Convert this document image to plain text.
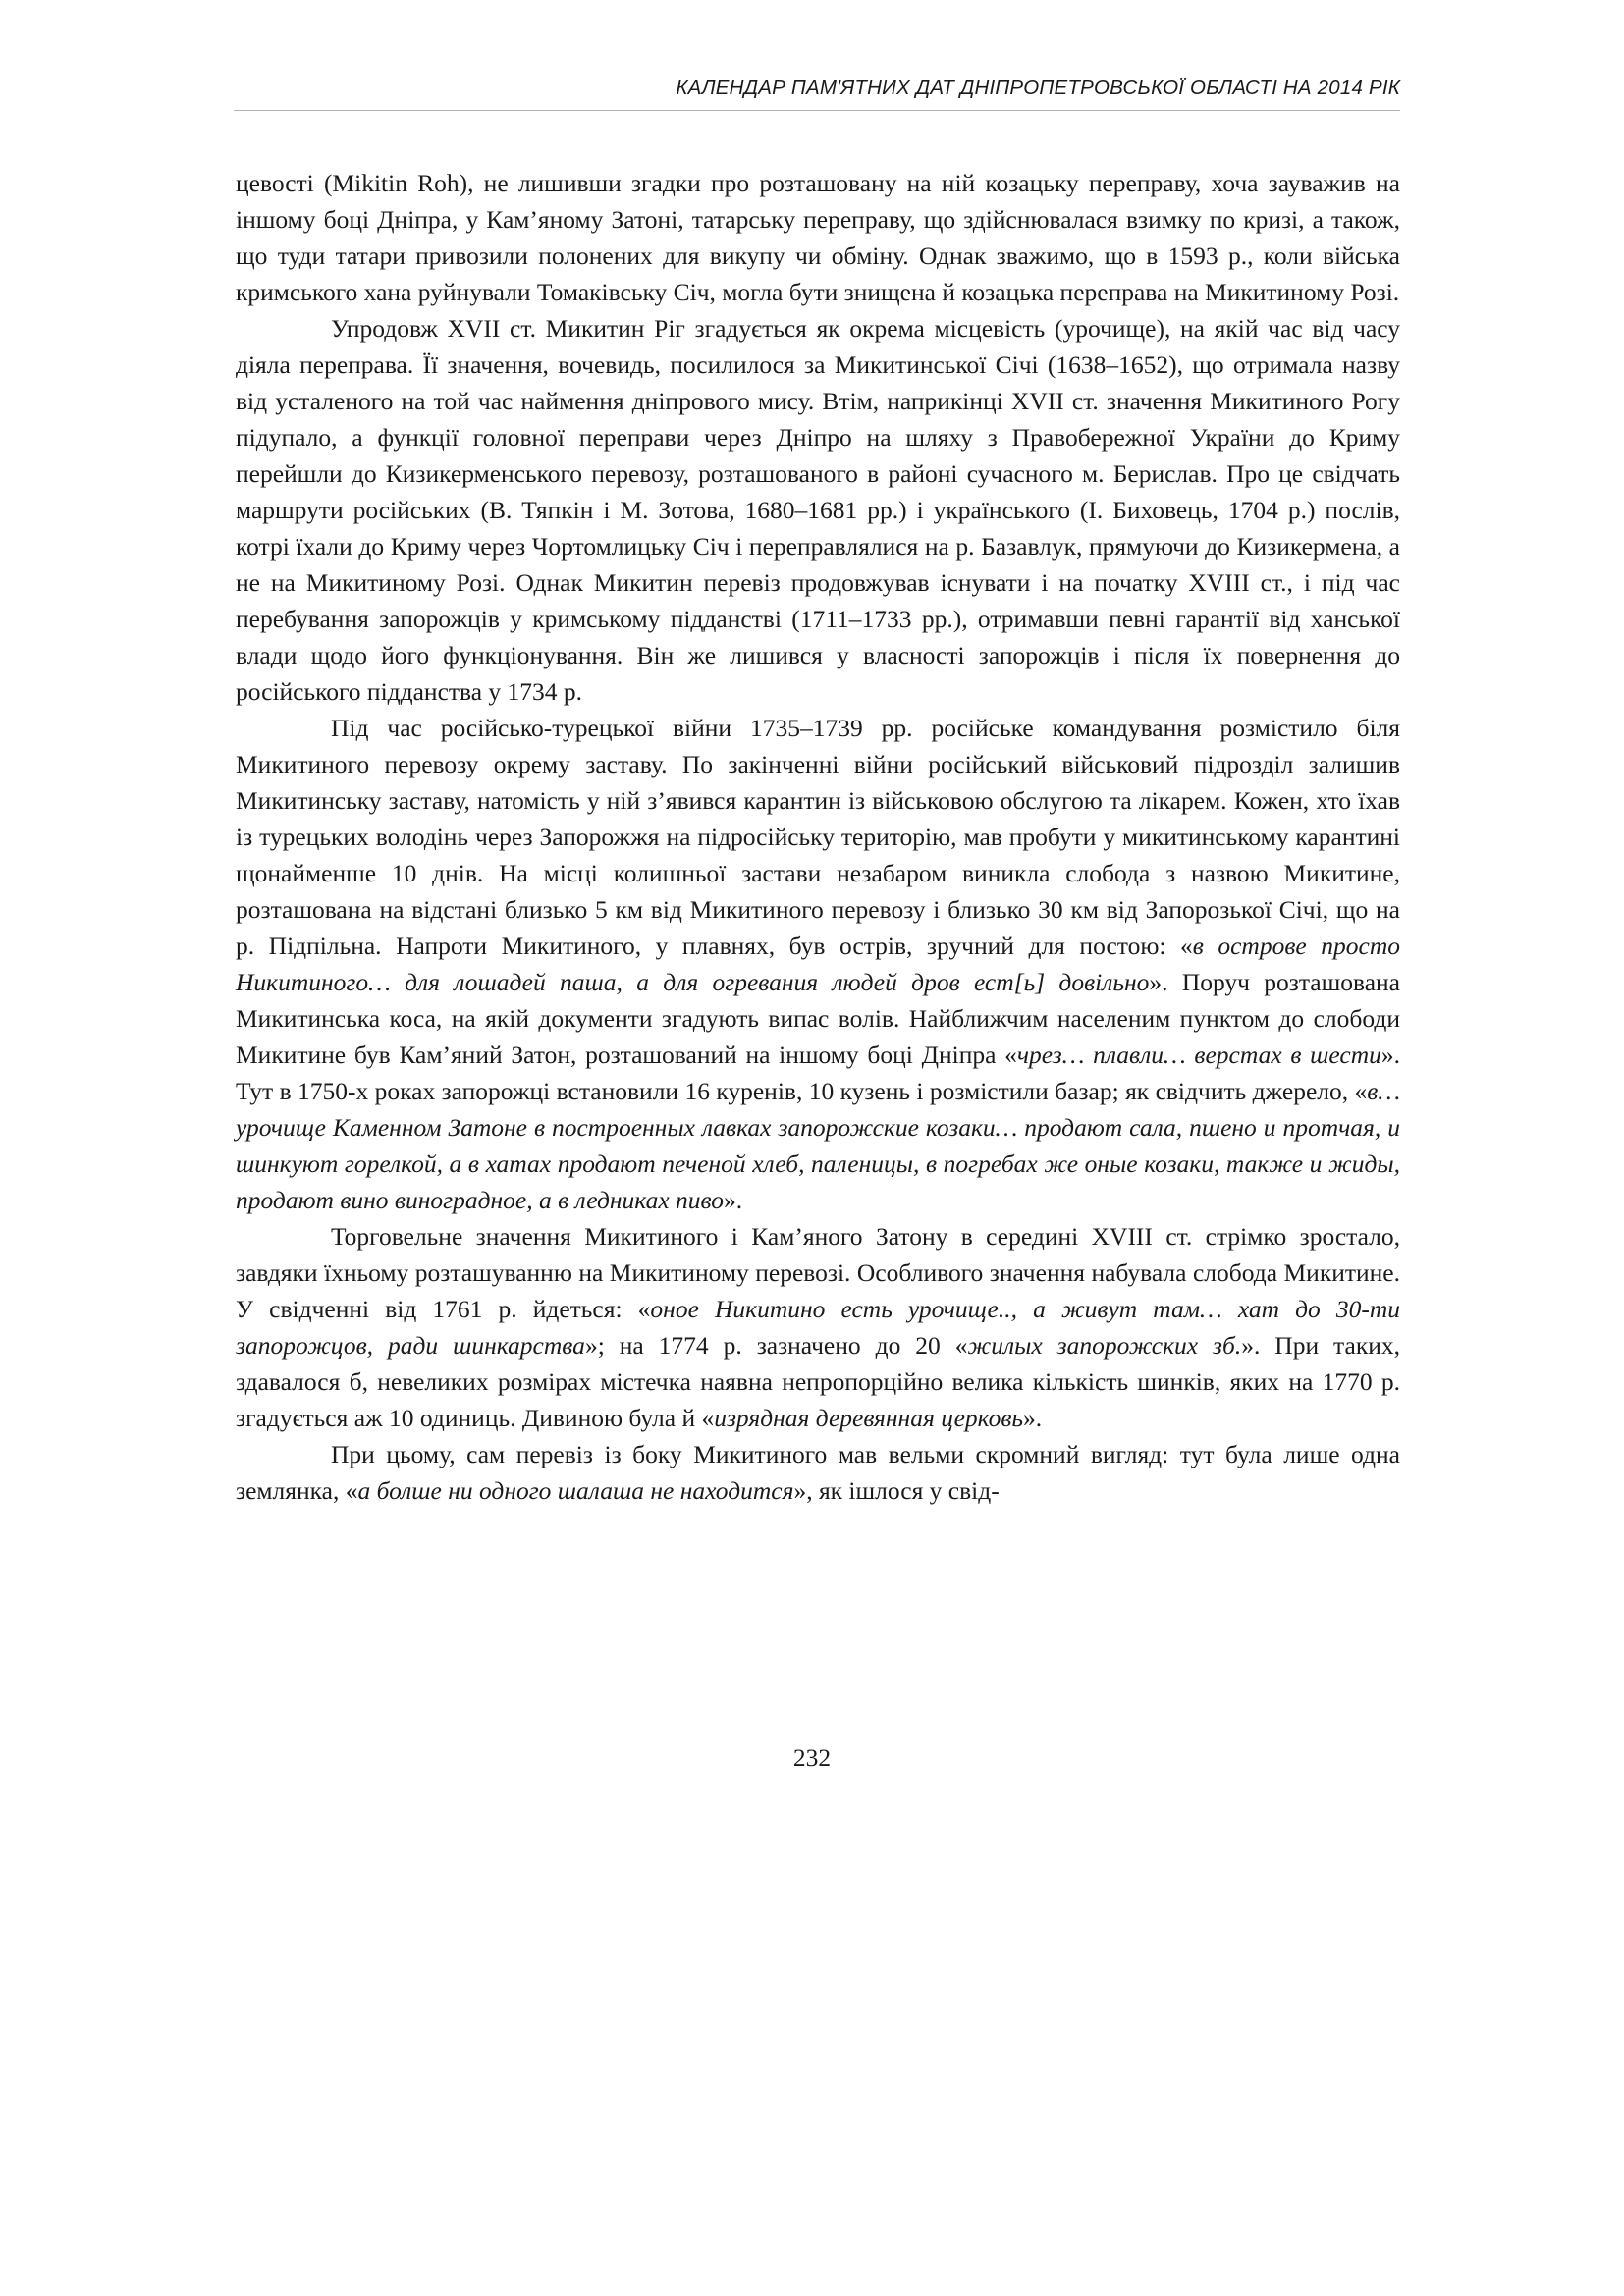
КАЛЕНДАР ПАМ'ЯТНИХ ДАТ ДНІПРОПЕТРОВСЬКОЇ ОБЛАСТІ НА 2014 РІК

цевості (Mikitin Roh), не лишивши згадки про розташовану на ній козацьку переправу, хоча зауважив на іншому боці Дніпра, у Кам’яному Затоні, татарську переправу, що здійснювалася взимку по кризі, а також, що туди татари привозили полонених для викупу чи обміну. Однак зважимо, що в 1593 р., коли війська кримського хана руйнували Томаківську Січ, могла бути знищена й козацька переправа на Микитиному Розі.

Упродовж XVII ст. Микитин Ріг згадується як окрема місцевість (урочище), на якій час від часу діяла переправа. Її значення, вочевидь, посилилося за Микитинської Січі (1638–1652), що отримала назву від усталеного на той час наймення дніпрового мису. Втім, наприкінці XVII ст. значення Микитиного Рогу підупало, а функції головної переправи через Дніпро на шляху з Правобережної України до Криму перейшли до Кизикерменського перевозу, розташованого в районі сучасного м. Берислав. Про це свідчать маршрути російських (В. Тяпкін і М. Зотова, 1680–1681 рр.) і українського (І. Биховець, 1704 р.) послів, котрі їхали до Криму через Чортомлицьку Січ і переправлялися на р. Базавлук, прямуючи до Кизикермена, а не на Микитиному Розі. Однак Микитин перевіз продовжував існувати і на початку XVIII ст., і під час перебування запорожців у кримському підданстві (1711–1733 рр.), отримавши певні гарантії від ханської влади щодо його функціонування. Він же лишився у власності запорожців і після їх повернення до російського підданства у 1734 р.

Під час російсько-турецької війни 1735–1739 рр. російське командування розмістило біля Микитиного перевозу окрему заставу. По закінченні війни російський військовий підрозділ залишив Микитинську заставу, натомість у ній з’явився карантин із військовою обслугою та лікарем. Кожен, хто їхав із турецьких володінь через Запорожжя на підросійську територію, мав пробути у микитинському карантині щонайменше 10 днів. На місці колишньої застави незабаром виникла слобода з назвою Микитине, розташована на відстані близько 5 км від Микитиного перевозу і близько 30 км від Запорозької Січі, що на р. Підпільна. Напроти Микитиного, у плавнях, був острів, зручний для постою: «в острове просто Никитиного… для лошадей паша, а для огревания людей дров ест[ь] довільно». Поруч розташована Микитинська коса, на якій документи згадують випас волів. Найближчим населеним пунктом до слободи Микитине був Кам’яний Затон, розташований на іншому боці Дніпра «чрез… плавли… верстах в шести». Тут в 1750-х роках запорожці встановили 16 куренів, 10 кузень і розмістили базар; як свідчить джерело, «в… урочище Каменном Затоне в построенных лавках запорожские козаки… продают сала, пшено и протчая, и шинкуют горелкой, а в хатах продают печеной хлеб, паленицы, в погребах же оные козаки, также и жиды, продают вино виноградное, а в ледниках пиво».

Торговельне значення Микитиного і Кам’яного Затону в середині XVIII ст. стрімко зростало, завдяки їхньому розташуванню на Микитиному перевозі. Особливого значення набувала слобода Микитине. У свідченні від 1761 р. йдеться: «оное Никитино есть урочище.., а живут там… хат до 30-ти запорожцов, ради шинкарства»; на 1774 р. зазначено до 20 «жилых запорожских зб.». При таких, здавалося б, невеликих розмірах містечка наявна непропорційно велика кількість шинків, яких на 1770 р. згадується аж 10 одиниць. Дивиною була й «изрядная деревянная церковь».

При цьому, сам перевіз із боку Микитиного мав вельми скромний вигляд: тут була лише одна землянка, «а болше ни одного шалаша не находится», як ішлося у свід-

232
